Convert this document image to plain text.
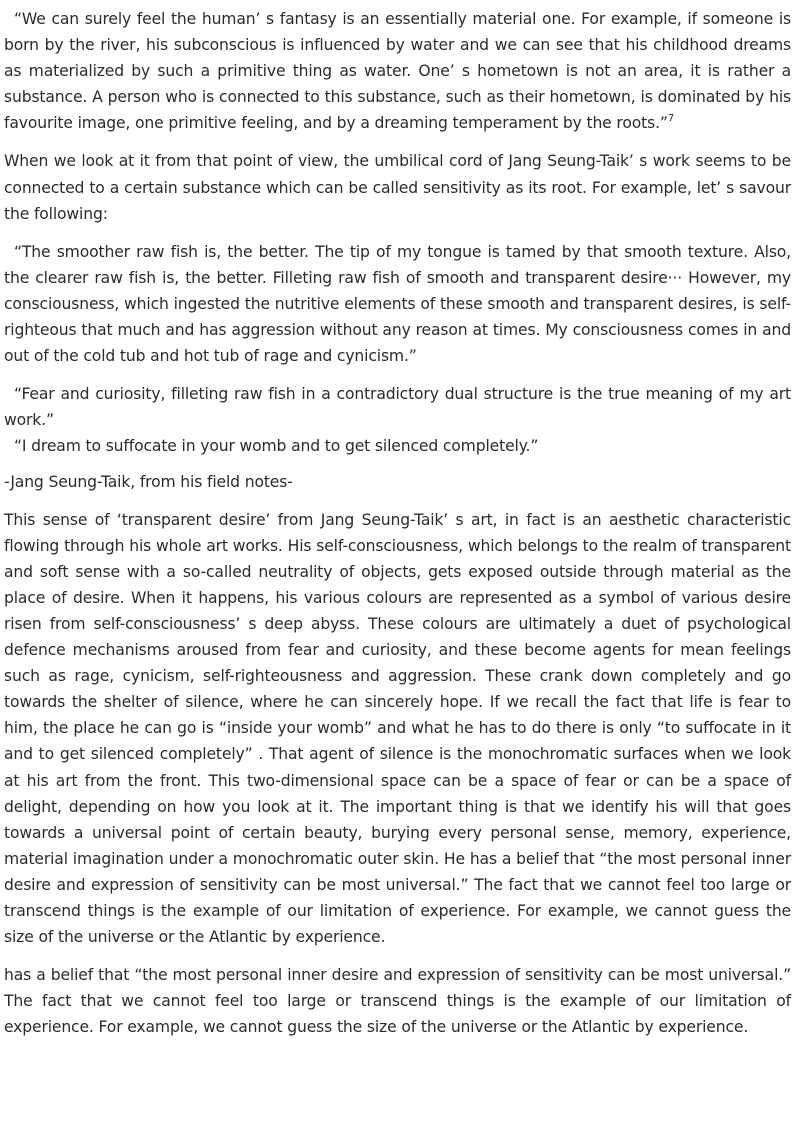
“We can surely feel the human’ s fantasy is an essentially material one. For example, if someone is born by the river, his subconscious is influenced by water and we can see that his childhood dreams as materialized by such a primitive thing as water. One’ s hometown is not an area, it is rather a substance. A person who is connected to this substance, such as their hometown, is dominated by his favourite image, one primitive feeling, and by a dreaming temperament by the roots.”$^7$

When we look at it from that point of view, the umbilical cord of Jang Seung-Taik’ s work seems to be connected to a certain substance which can be called sensitivity as its root. For example, let’ s savour the following:

“The smoother raw fish is, the better. The tip of my tongue is tamed by that smooth texture. Also, the clearer raw fish is, the better. Filleting raw fish of smooth and transparent desire··· However, my consciousness, which ingested the nutritive elements of these smooth and transparent desires, is self-righteous that much and has aggression without any reason at times. My consciousness comes in and out of the cold tub and hot tub of rage and cynicism.”

“Fear and curiosity, filleting raw fish in a contradictory dual structure is the true meaning of my art work.”

“I dream to suffocate in your womb and to get silenced completely.”

-Jang Seung-Taik, from his field notes-

This sense of ‘transparent desire’ from Jang Seung-Taik’ s art, in fact is an aesthetic characteristic flowing through his whole art works. His self-consciousness, which belongs to the realm of transparent and soft sense with a so-called neutrality of objects, gets exposed outside through material as the place of desire. When it happens, his various colours are represented as a symbol of various desire risen from self-consciousness’ s deep abyss. These colours are ultimately a duet of psychological defence mechanisms aroused from fear and curiosity, and these become agents for mean feelings such as rage, cynicism, self-righteousness and aggression. These crank down completely and go towards the shelter of silence, where he can sincerely hope. If we recall the fact that life is fear to him, the place he can go is “inside your womb” and what he has to do there is only “to suffocate in it and to get silenced completely” . That agent of silence is the monochromatic surfaces when we look at his art from the front. This two-dimensional space can be a space of fear or can be a space of delight, depending on how you look at it. The important thing is that we identify his will that goes towards a universal point of certain beauty, burying every personal sense, memory, experience, material imagination under a monochromatic outer skin. He has a belief that “the most personal inner desire and expression of sensitivity can be most universal.” The fact that we cannot feel too large or transcend things is the example of our limitation of experience. For example, we cannot guess the size of the universe or the Atlantic by experience.

has a belief that “the most personal inner desire and expression of sensitivity can be most universal.” The fact that we cannot feel too large or transcend things is the example of our limitation of experience. For example, we cannot guess the size of the universe or the Atlantic by experience.
